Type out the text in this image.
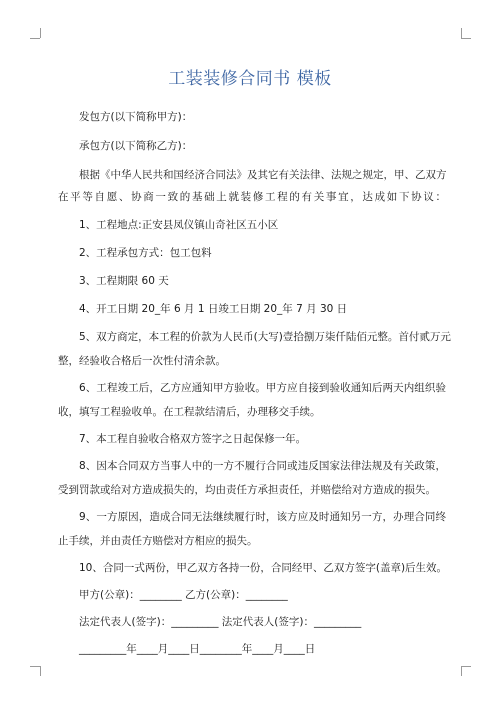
工装装修合同书 模板

发包方(以下简称甲方)：

承包方(以下简称乙方)：

根据《中华人民共和国经济合同法》及其它有关法律、法规之规定，甲、乙双方

在平等自愿、协商一致的基础上就装修工程的有关事宜，达成如下协议：

1、工程地点:正安县凤仪镇山奇社区五小区

2、工程承包方式：包工包料

3、工程期限 60 天

4、开工日期 20_年 6 月 1 日竣工日期 20_年 7 月 30 日

5、双方商定，本工程的价款为人民币(大写)壹拾捌万柒仟陆佰元整。首付贰万元

整，经验收合格后一次性付清余款。

6、工程竣工后，乙方应通知甲方验收。甲方应自接到验收通知后两天内组织验

收，填写工程验收单。在工程款结清后，办理移交手续。

7、本工程自验收合格双方签字之日起保修一年。

8、因本合同双方当事人中的一方不履行合同或违反国家法律法规及有关政策，

受到罚款或给对方造成损失的，均由责任方承担责任，并赔偿给对方造成的损失。

9、一方原因，造成合同无法继续履行时，该方应及时通知另一方，办理合同终

止手续，并由责任方赔偿对方相应的损失。

10、合同一式两份，甲乙双方各持一份，合同经甲、乙双方签字(盖章)后生效。

甲方(公章)：________ 乙方(公章)：________

法定代表人(签字)：_________ 法定代表人(签字)：_________

_________年____月____日________年____月____日
